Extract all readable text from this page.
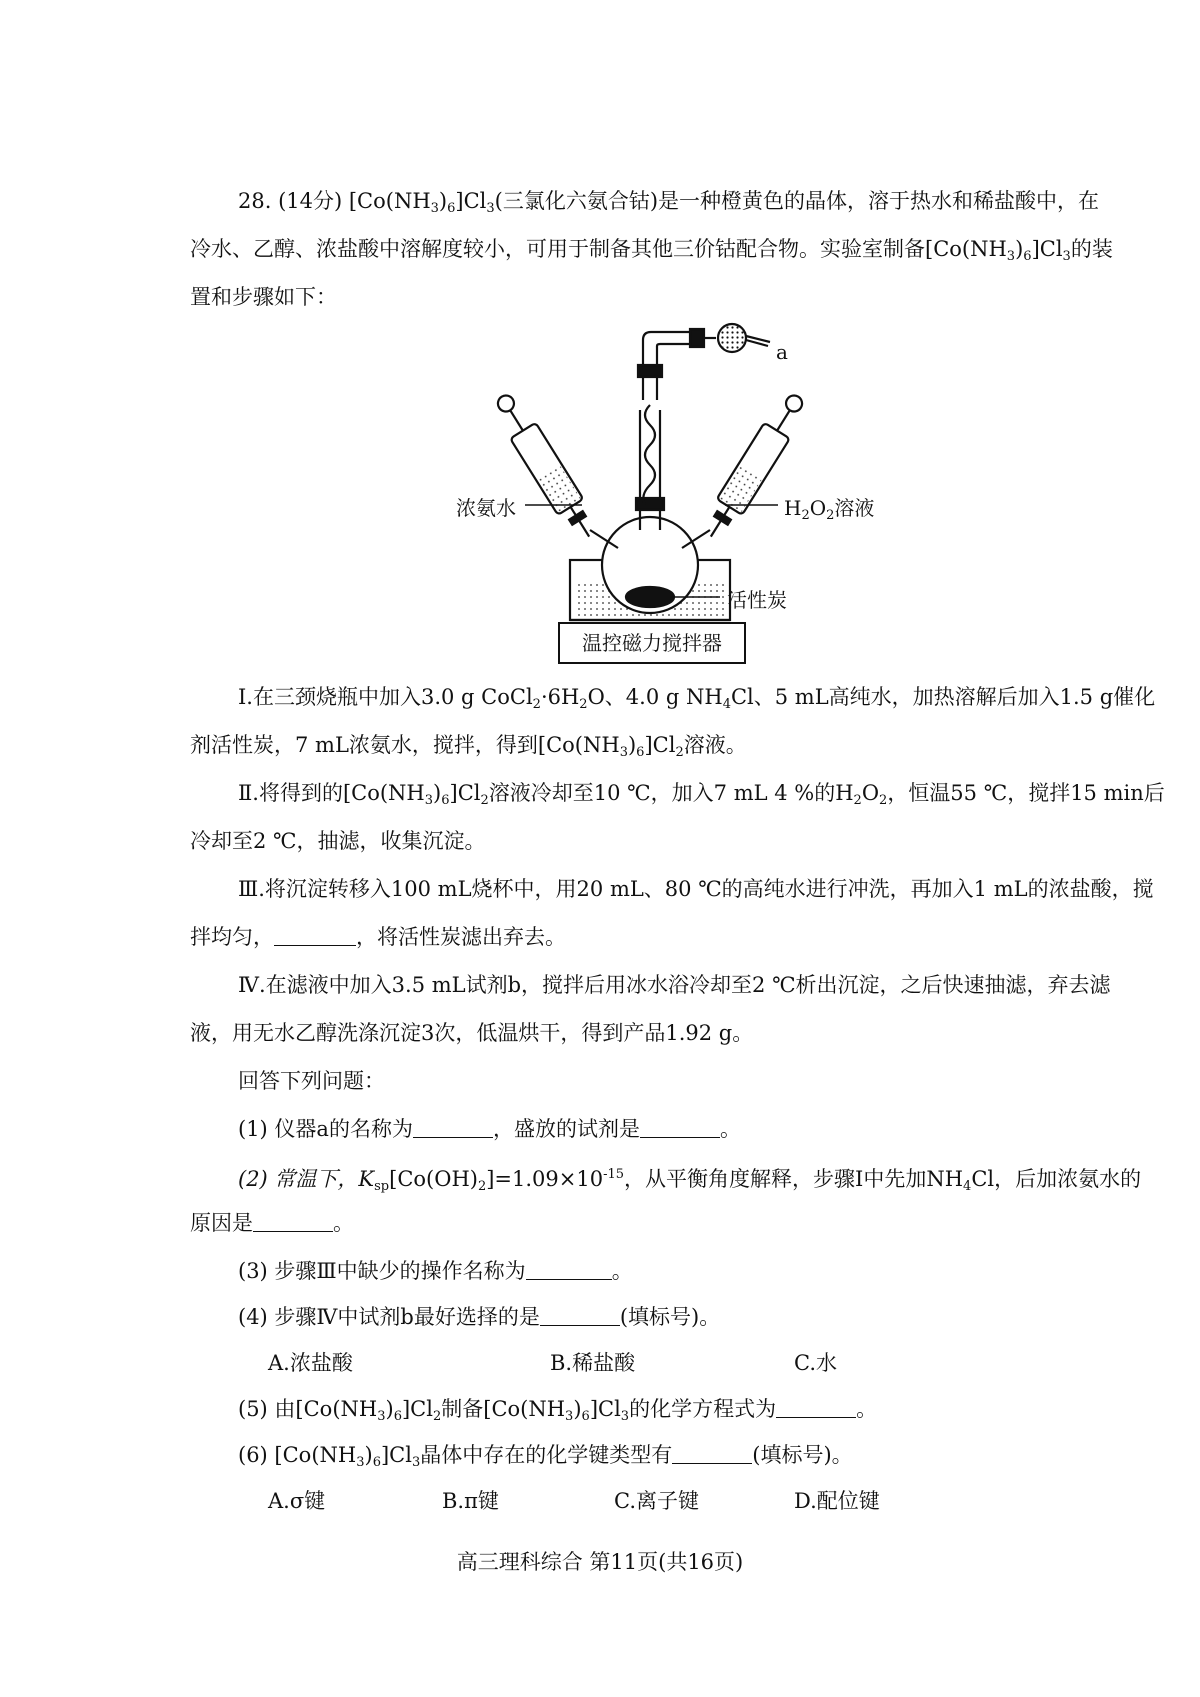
28. (14分) $[Co(NH_3)_6]Cl_3$(三氯化六氨合钴)是一种橙黄色的晶体，溶于热水和稀盐酸中，在
冷水、乙醇、浓盐酸中溶解度较小，可用于制备其他三价钴配合物。实验室制备$[Co(NH_3)_6]Cl_3$的装
置和步骤如下：
a
浓氨水	$H_2O_2$溶液
活性炭
温控磁力搅拌器
Ⅰ.在三颈烧瓶中加入3.0 g $CoCl_2\cdot 6H_2O$、4.0 g $NH_4Cl$、5 mL高纯水，加热溶解后加入1.5 g催化
剂活性炭，7 mL浓氨水，搅拌，得到$[Co(NH_3)_6]Cl_2$溶液。
Ⅱ.将得到的$[Co(NH_3)_6]Cl_2$溶液冷却至10 ℃，加入7 mL 4 %的$H_2O_2$，恒温55 ℃，搅拌15 min后
冷却至2 ℃，抽滤，收集沉淀。
Ⅲ.将沉淀转移入100 mL烧杯中，用20 mL、80 ℃的高纯水进行冲洗，再加入1 mL的浓盐酸，搅
拌均匀，	，将活性炭滤出弃去。
Ⅳ.在滤液中加入3.5 mL试剂b，搅拌后用冰水浴冷却至2 ℃析出沉淀，之后快速抽滤，弃去滤
液，用无水乙醇洗涤沉淀3次，低温烘干，得到产品1.92 g。
回答下列问题：
(1) 仪器a的名称为	，盛放的试剂是	。
(2) 常温下，$K_{sp}[Co(OH)_2]=1.09\times 10^{-15}$，从平衡角度解释，步骤Ⅰ中先加$NH_4Cl$，后加浓氨水的
原因是	。
(3) 步骤Ⅲ中缺少的操作名称为	。
(4) 步骤Ⅳ中试剂b最好选择的是	(填标号)。
A.浓盐酸	B.稀盐酸	C.水
(5) 由$[Co(NH_3)_6]Cl_2$制备$[Co(NH_3)_6]Cl_3$的化学方程式为	。
(6) $[Co(NH_3)_6]Cl_3$晶体中存在的化学键类型有	(填标号)。
A.σ键	B.π键	C.离子键	D.配位键
高三理科综合 第11页(共16页)
